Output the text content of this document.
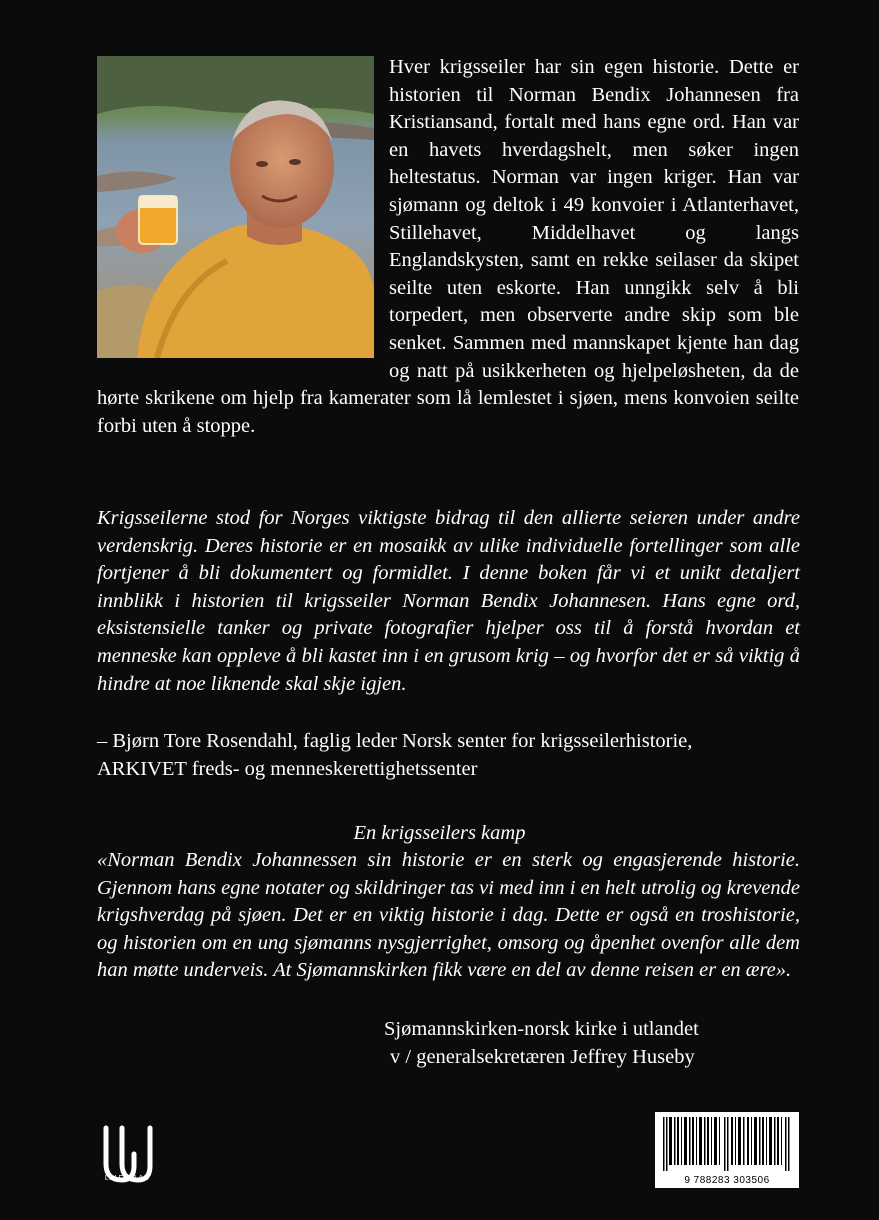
Hver krigsseiler har sin egen historie. Dette er historien til Norman Bendix Johannesen fra Kristiansand, fortalt med hans egne ord. Han var en havets hverdagshelt, men søker ingen heltestatus. Norman var ingen kriger. Han var sjømann og deltok i 49 konvoier i Atlanterhavet, Stillehavet, Middelhavet og langs Englandskysten, samt en rekke seilaser da skipet seilte uten eskorte. Han unngikk selv å bli torpedert, men observerte andre skip som ble senket. Sammen med mannskapet kjente han dag og natt på usikkerheten og hjelpeløsheten, da de hørte skrikene om hjelp fra kamerater som lå lemlestet i sjøen, mens konvoien seilte forbi uten å stoppe.

Krigsseilerne stod for Norges viktigste bidrag til den allierte seieren under andre verdenskrig. Deres historie er en mosaikk av ulike individuelle fortellinger som alle fortjener å bli dokumentert og formidlet. I denne boken får vi et unikt detaljert innblikk i historien til krigsseiler Norman Bendix Johannesen. Hans egne ord, eksistensielle tanker og private fotografier hjelper oss til å forstå hvordan et menneske kan oppleve å bli kastet inn i en grusom krig – og hvorfor det er så viktig å hindre at noe liknende skal skje igjen.

– Bjørn Tore Rosendahl, faglig leder Norsk senter for krigsseilerhistorie,
ARKIVET freds- og menneskerettighetssenter

En krigsseilers kamp

«Norman Bendix Johannessen sin historie er en sterk og engasjerende historie. Gjennom hans egne notater og skildringer tas vi med inn i en helt utrolig og krevende krigshverdag på sjøen. Det er en viktig historie i dag. Dette er også en troshistorie, og historien om en ung sjømanns nysgjerrighet, omsorg og åpenhet ovenfor alle dem han møtte underveis. At Sjømannskirken fikk være en del av denne reisen er en ære».

Sjømannskirken-norsk kirke i utlandet
v / generalsekretæren Jeffrey Huseby
LIV FORLAG	9 788283 303506
